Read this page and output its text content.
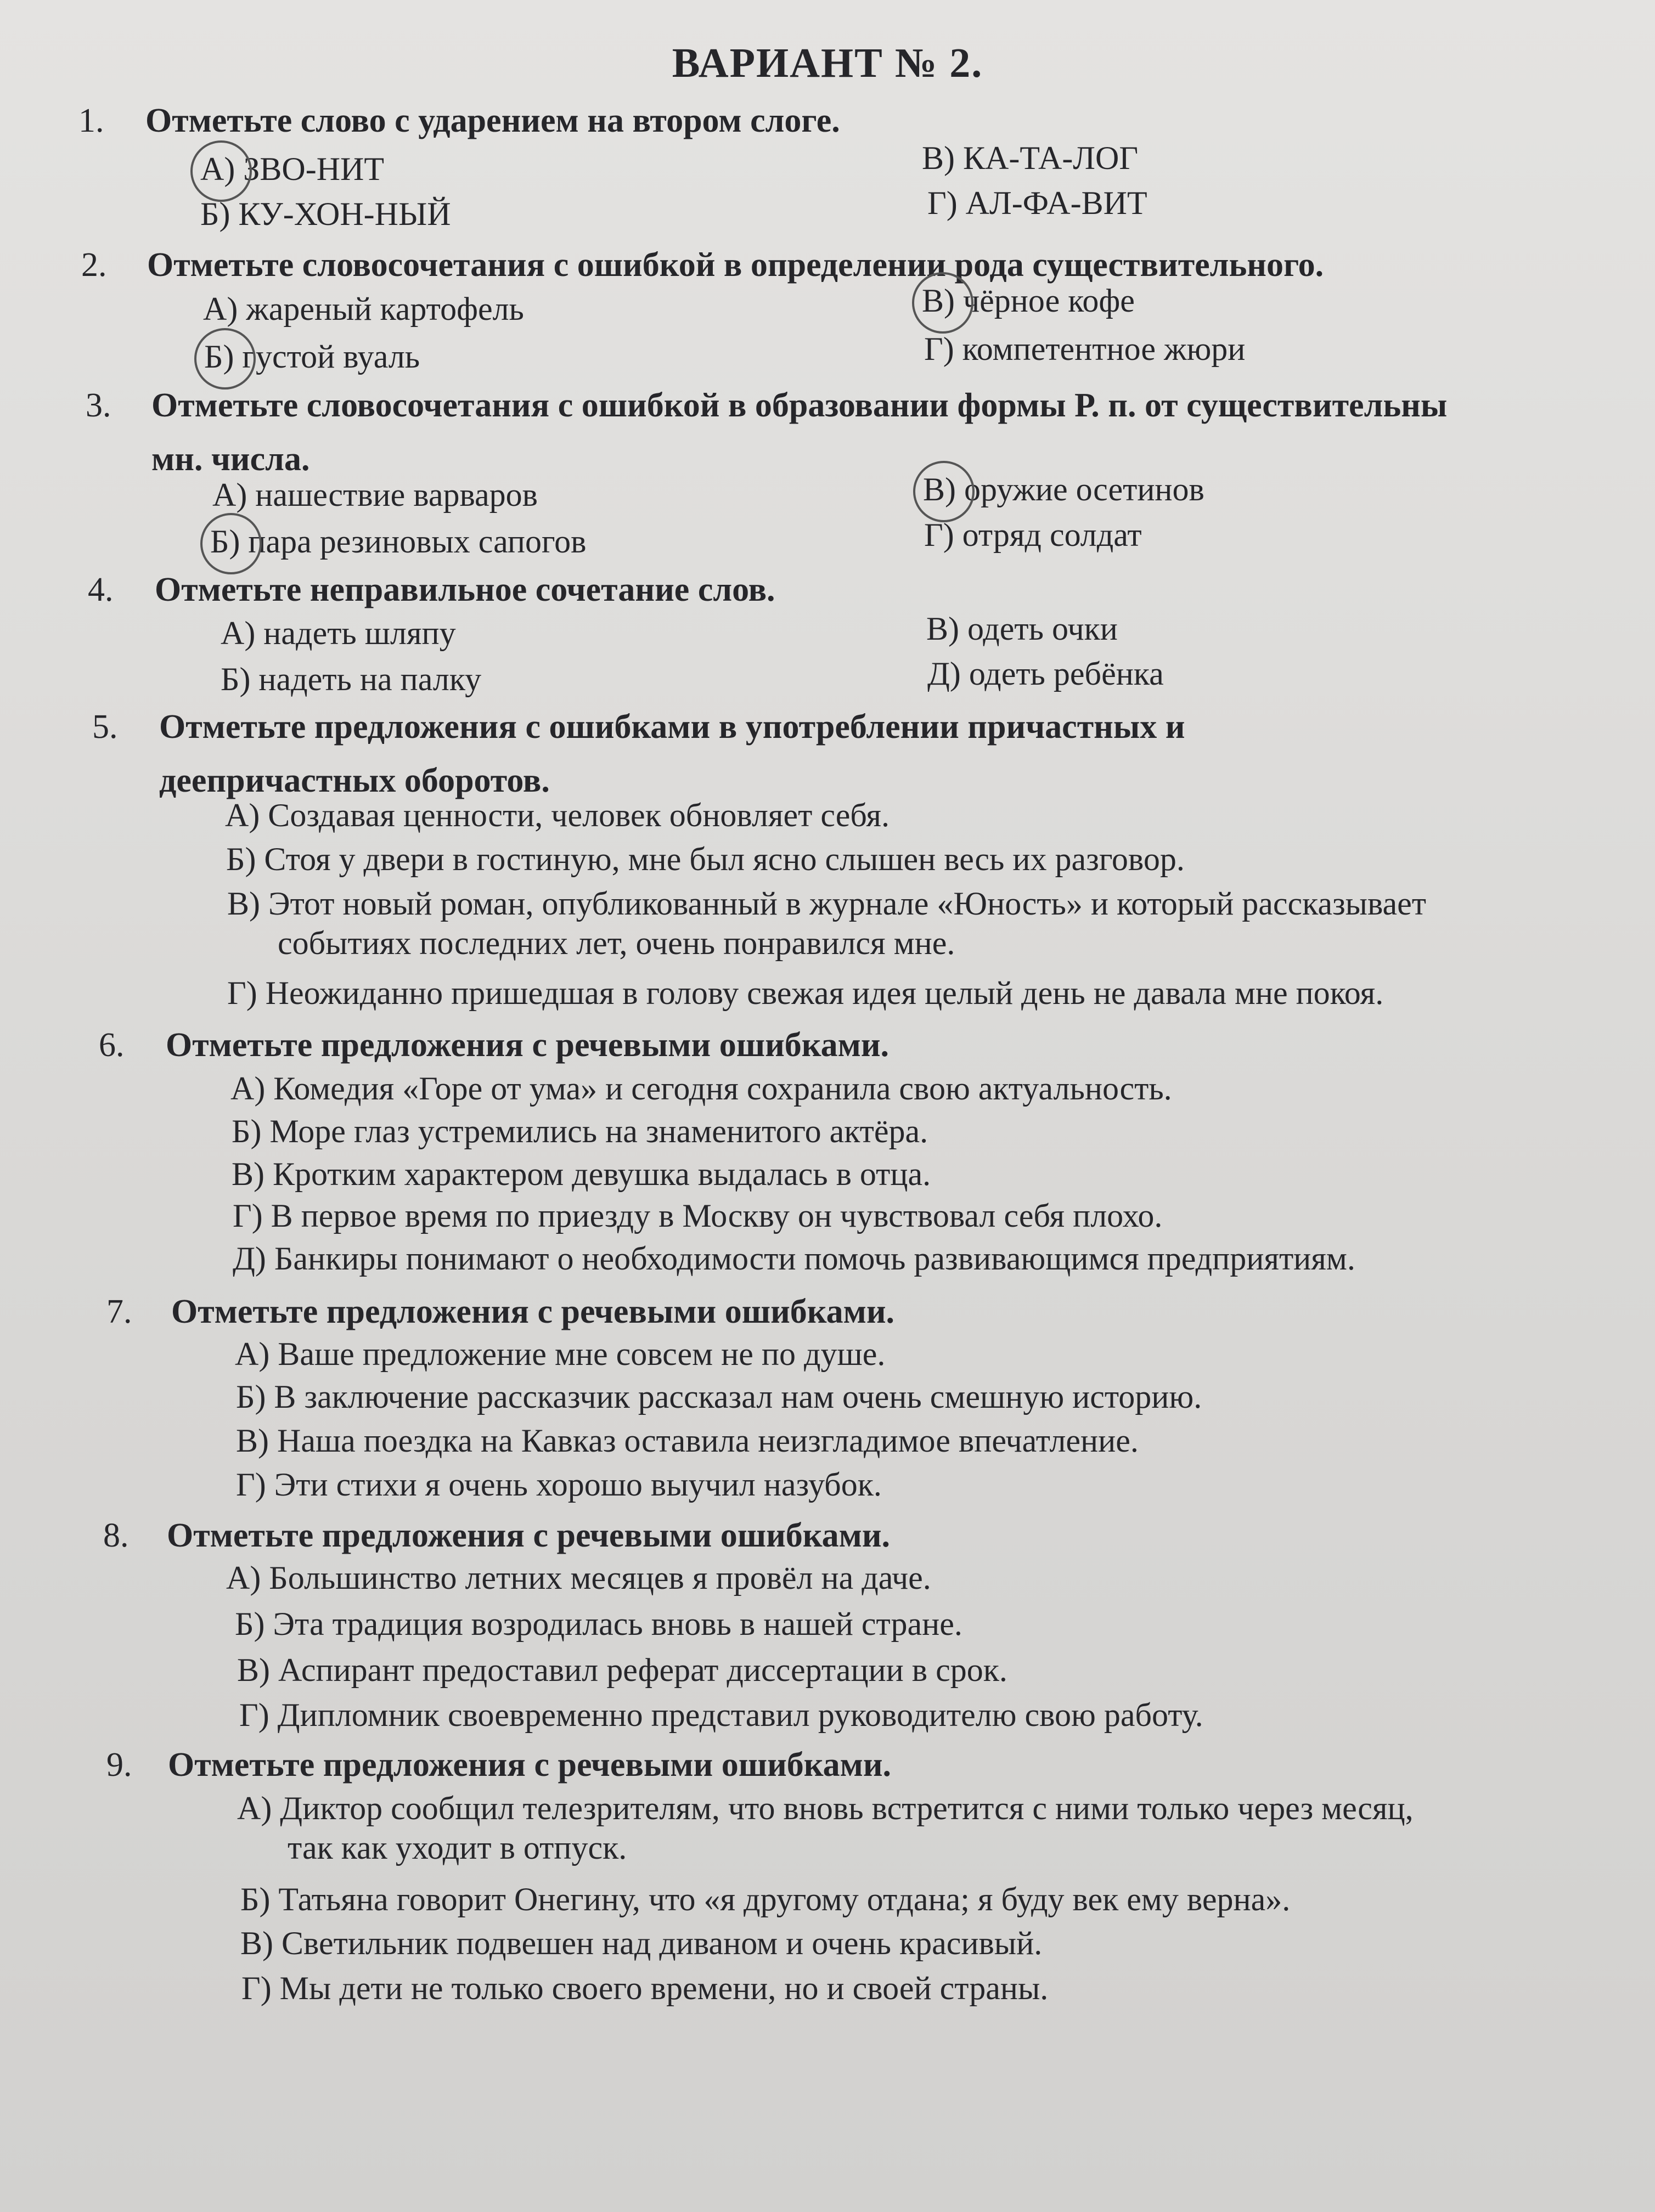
ВАРИАНТ № 2.
1. Отметьте слово с ударением на втором слоге.
А) ЗВО-НИТ
Б) КУ-ХОН-НЫЙ
В) КА-ТА-ЛОГ
Г) АЛ-ФА-ВИТ
2. Отметьте словосочетания с ошибкой в определении рода существительного.
А) жареный картофель
Б) густой вуаль
В) чёрное кофе
Г) компетентное жюри
3. Отметьте словосочетания с ошибкой в образовании формы Р. п. от существительны
мн. числа.
А) нашествие варваров
Б) пара резиновых сапогов
В) оружие осетинов
Г) отряд солдат
4. Отметьте неправильное сочетание слов.
А) надеть шляпу
Б) надеть на палку
В) одеть очки
Д) одеть ребёнка
5. Отметьте предложения с ошибками в употреблении причастных и
деепричастных оборотов.
А) Создавая ценности, человек обновляет себя.
Б) Стоя у двери в гостиную, мне был ясно слышен весь их разговор.
В) Этот новый роман, опубликованный в журнале «Юность» и который рассказывает
событиях последних лет, очень понравился мне.
Г) Неожиданно пришедшая в голову свежая идея целый день не давала мне покоя.
6. Отметьте предложения с речевыми ошибками.
А) Комедия «Горе от ума» и сегодня сохранила свою актуальность.
Б) Море глаз устремились на знаменитого актёра.
В) Кротким характером девушка выдалась в отца.
Г) В первое время по приезду в Москву он чувствовал себя плохо.
Д) Банкиры понимают о необходимости помочь развивающимся предприятиям.
7. Отметьте предложения с речевыми ошибками.
А) Ваше предложение мне совсем не по душе.
Б) В заключение рассказчик рассказал нам очень смешную историю.
В) Наша поездка на Кавказ оставила неизгладимое впечатление.
Г) Эти стихи я очень хорошо выучил назубок.
8. Отметьте предложения с речевыми ошибками.
А) Большинство летних месяцев я провёл на даче.
Б) Эта традиция возродилась вновь в нашей стране.
В) Аспирант предоставил реферат диссертации в срок.
Г) Дипломник своевременно представил руководителю свою работу.
9. Отметьте предложения с речевыми ошибками.
А) Диктор сообщил телезрителям, что вновь встретится с ними только через месяц,
так как уходит в отпуск.
Б) Татьяна говорит Онегину, что «я другому отдана; я буду век ему верна».
В) Светильник подвешен над диваном и очень красивый.
Г) Мы дети не только своего времени, но и своей страны.
